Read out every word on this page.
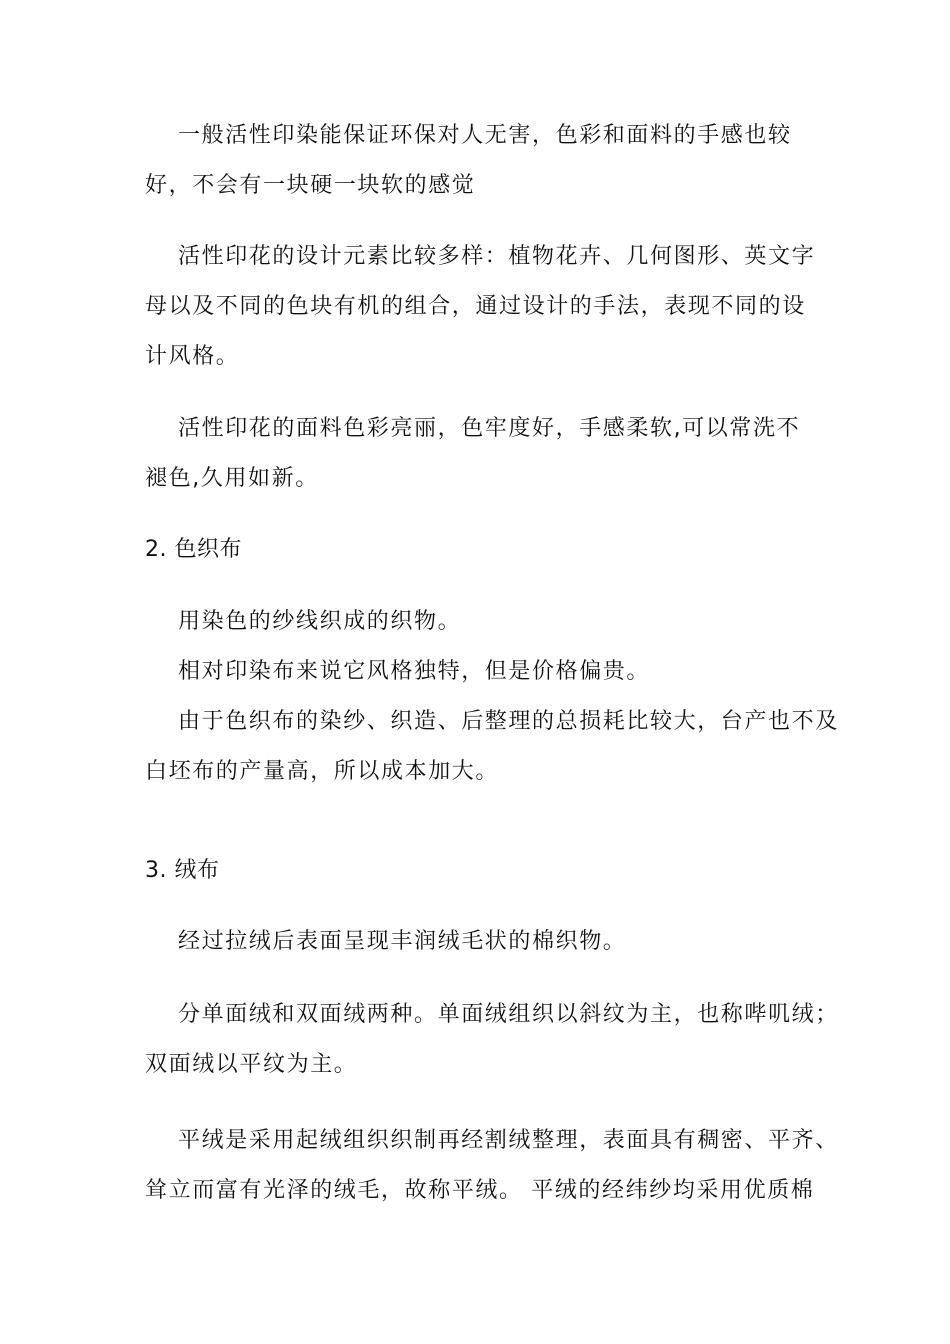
一般活性印染能保证环保对人无害，色彩和面料的手感也较
好，不会有一块硬一块软的感觉
活性印花的设计元素比较多样：植物花卉、几何图形、英文字
母以及不同的色块有机的组合，通过设计的手法，表现不同的设
计风格。
活性印花的面料色彩亮丽，色牢度好，手感柔软,可以常洗不
褪色,久用如新。
2. 色织布
用染色的纱线织成的织物。
相对印染布来说它风格独特，但是价格偏贵。
由于色织布的染纱、织造、后整理的总损耗比较大，台产也不及
白坯布的产量高，所以成本加大。
3. 绒布
经过拉绒后表面呈现丰润绒毛状的棉织物。
分单面绒和双面绒两种。单面绒组织以斜纹为主，也称哔叽绒；
双面绒以平纹为主。
平绒是采用起绒组织织制再经割绒整理，表面具有稠密、平齐、
耸立而富有光泽的绒毛，故称平绒。 平绒的经纬纱均采用优质棉
